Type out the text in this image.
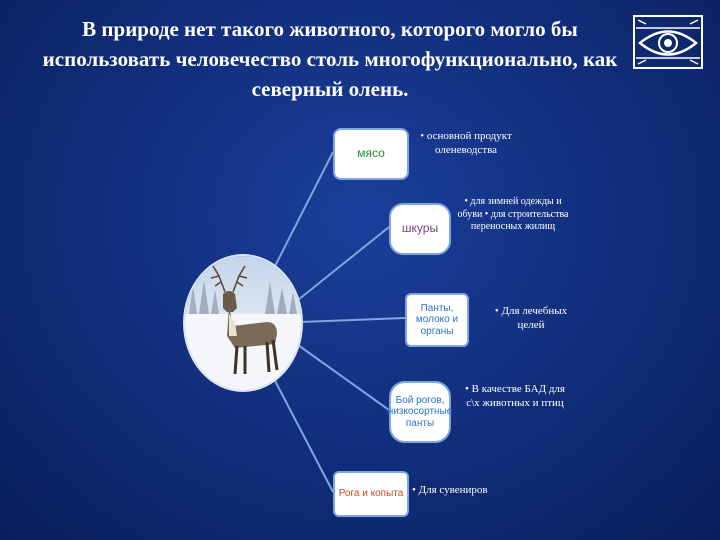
В природе нет такого животного, которого могло бы использовать человечество столь многофункционально, как северный олень.
мясо
• основной продукт оленеводства
шкуры
• для зимней одежды и обуви • для строительства переносных жилищ
Панты, молоко и органы
• Для лечебных целей
Бой рогов, низкосортные панты
• В качестве БАД для с\х животных и птиц
Рога и копыта • Для сувениров
